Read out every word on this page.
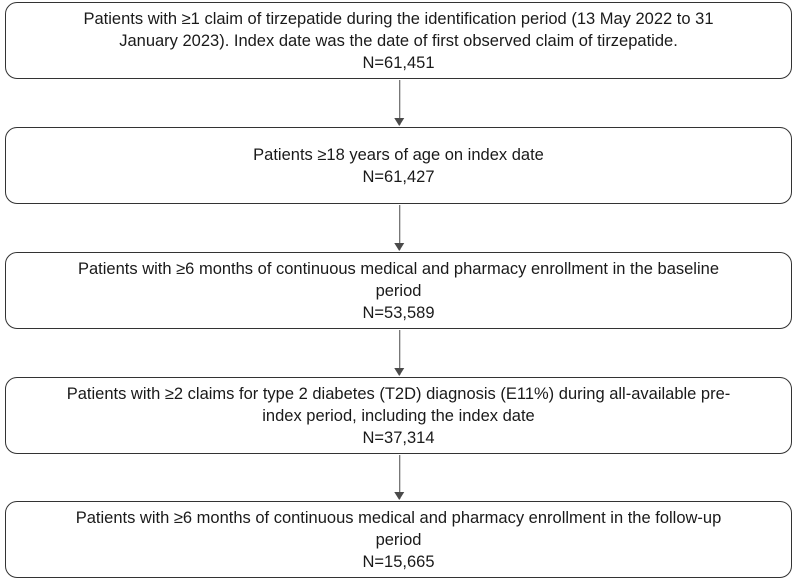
Patients with ≥1 claim of tirzepatide during the identification period (13 May 2022 to 31
January 2023). Index date was the date of first observed claim of tirzepatide.
N=61,451
Patients ≥18 years of age on index date
N=61,427
Patients with ≥6 months of continuous medical and pharmacy enrollment in the baseline
period
N=53,589
Patients with ≥2 claims for type 2 diabetes (T2D) diagnosis (E11%) during all-available pre-
index period, including the index date
N=37,314
Patients with ≥6 months of continuous medical and pharmacy enrollment in the follow-up
period
N=15,665
